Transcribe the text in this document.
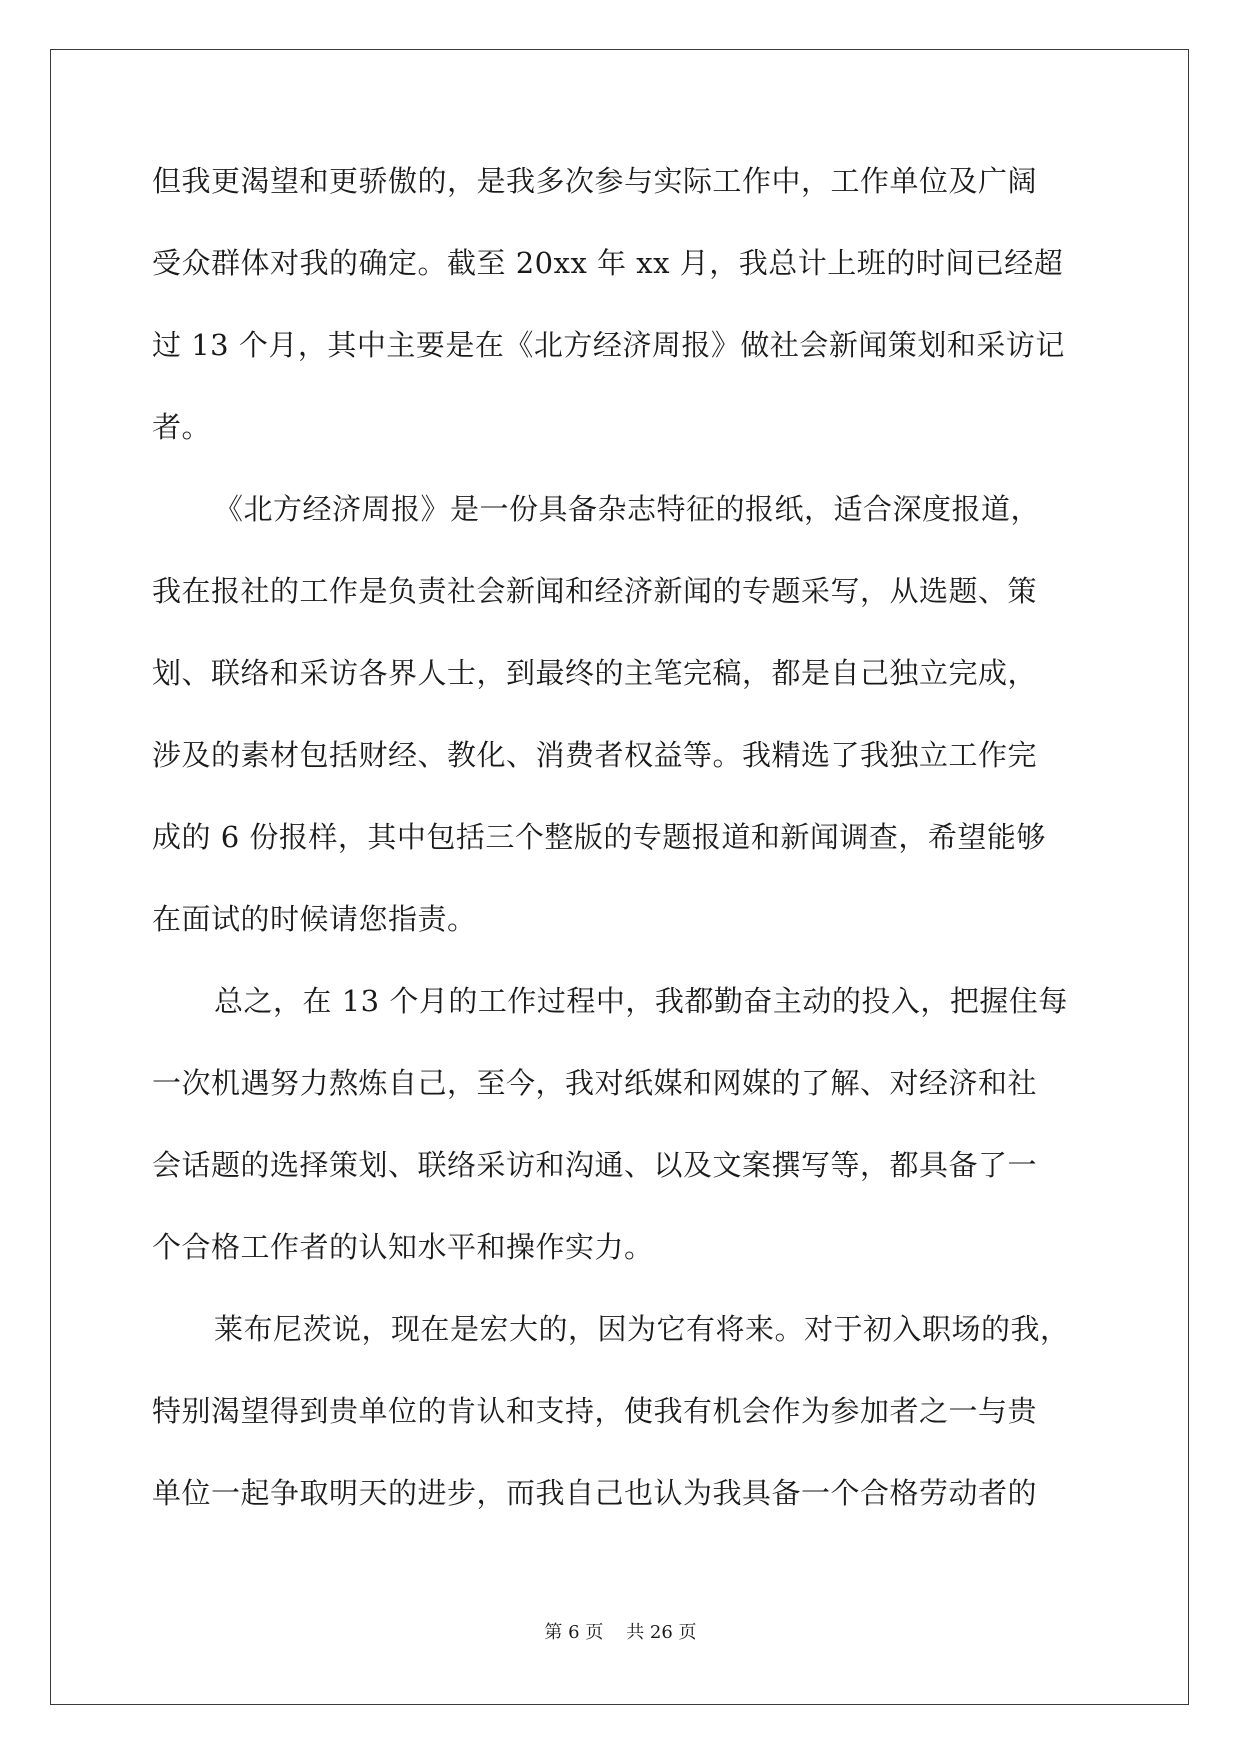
但我更渴望和更骄傲的，是我多次参与实际工作中，工作单位及广阔
受众群体对我的确定。截至 20xx 年 xx 月，我总计上班的时间已经超
过 13 个月，其中主要是在《北方经济周报》做社会新闻策划和采访记
者。
《北方经济周报》是一份具备杂志特征的报纸，适合深度报道，
我在报社的工作是负责社会新闻和经济新闻的专题采写，从选题、策
划、联络和采访各界人士，到最终的主笔完稿，都是自己独立完成，
涉及的素材包括财经、教化、消费者权益等。我精选了我独立工作完
成的 6 份报样，其中包括三个整版的专题报道和新闻调查，希望能够
在面试的时候请您指责。
总之，在 13 个月的工作过程中，我都勤奋主动的投入，把握住每
一次机遇努力熬炼自己，至今，我对纸媒和网媒的了解、对经济和社
会话题的选择策划、联络采访和沟通、以及文案撰写等，都具备了一
个合格工作者的认知水平和操作实力。
莱布尼茨说，现在是宏大的，因为它有将来。对于初入职场的我，
特别渴望得到贵单位的肯认和支持，使我有机会作为参加者之一与贵
单位一起争取明天的进步，而我自己也认为我具备一个合格劳动者的
第 6 页    共 26 页
